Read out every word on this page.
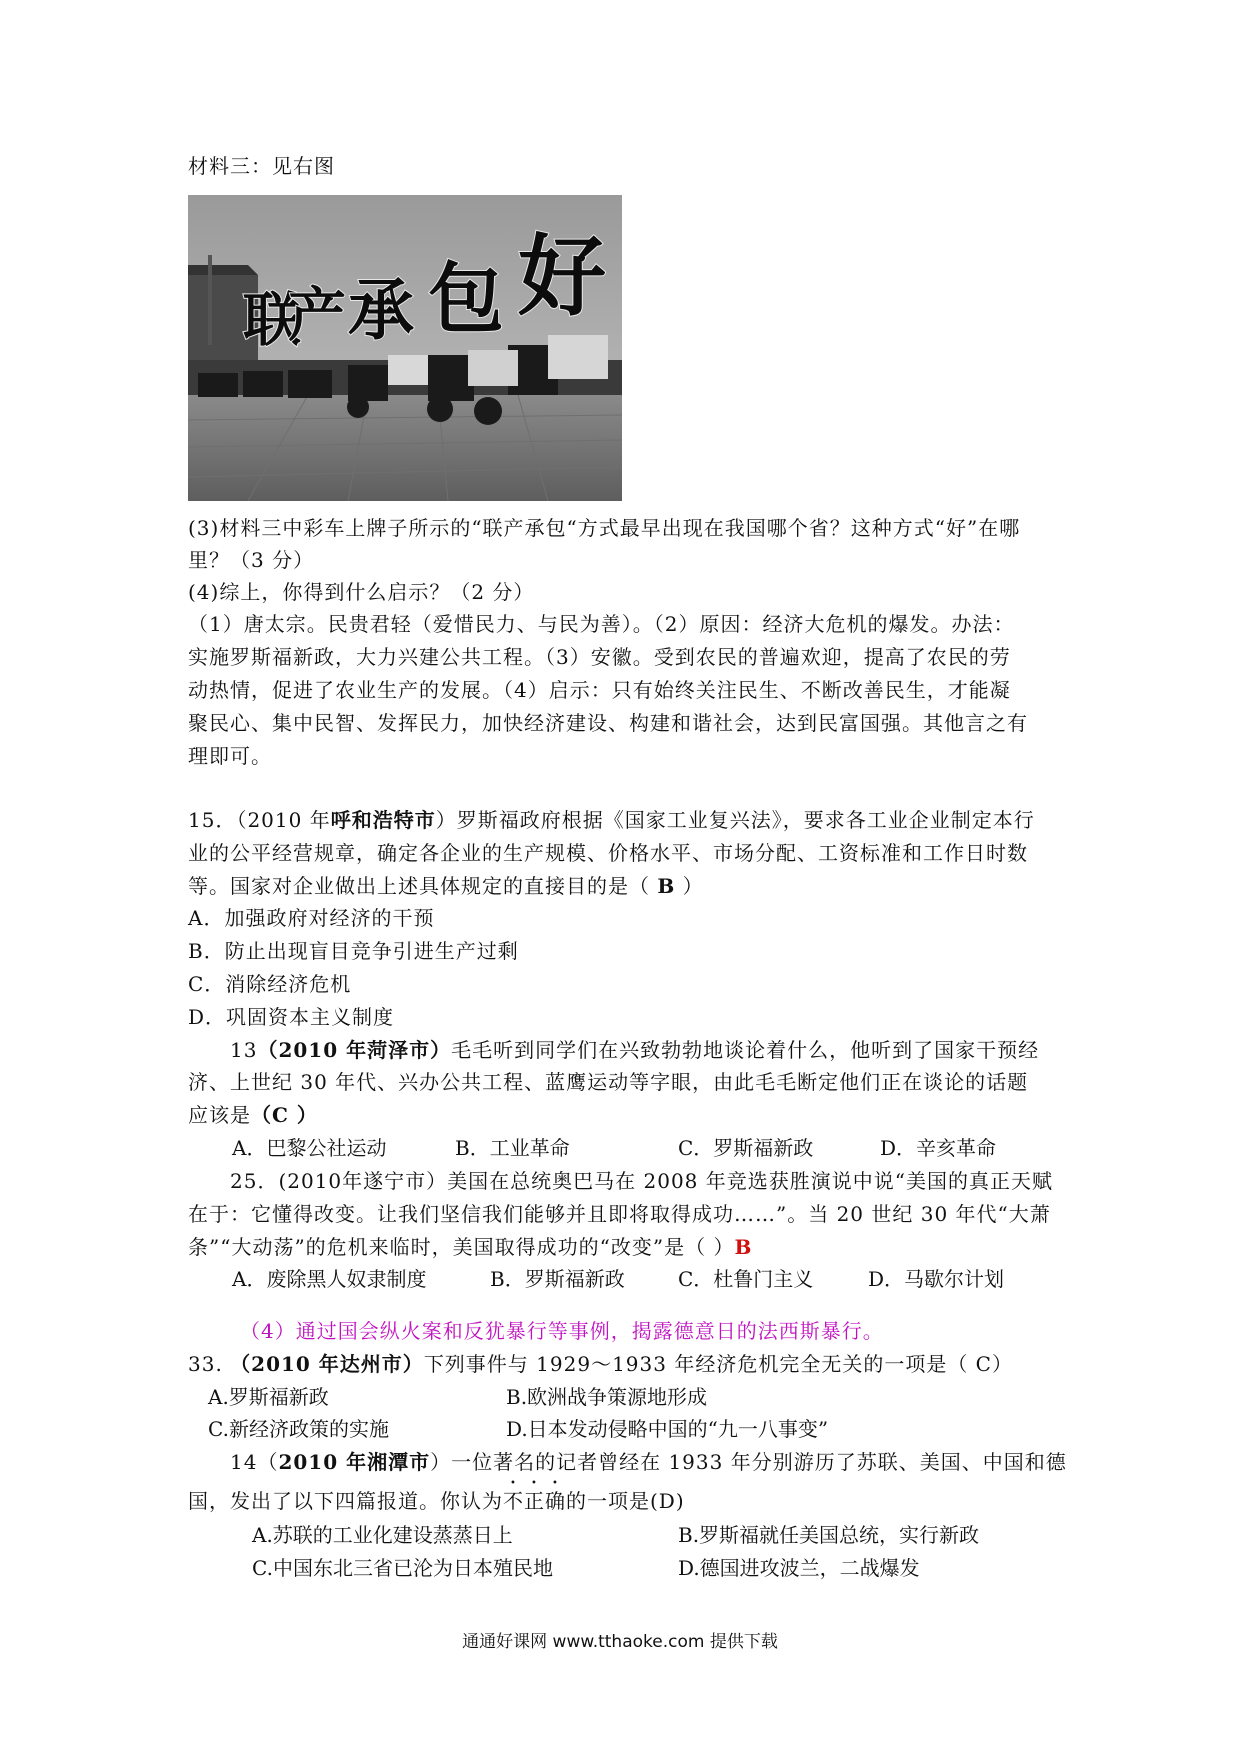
材料三：见右图
联
产 承 包 好
(3)材料三中彩车上牌子所示的“联产承包“方式最早出现在我国哪个省？这种方式“好”在哪
里？（3 分）
(4)综上，你得到什么启示？（2 分）
（1）唐太宗。民贵君轻（爱惜民力、与民为善）。（2）原因：经济大危机的爆发。办法：
实施罗斯福新政，大力兴建公共工程。（3）安徽。受到农民的普遍欢迎，提高了农民的劳
动热情，促进了农业生产的发展。（4）启示：只有始终关注民生、不断改善民生，才能凝
聚民心、集中民智、发挥民力，加快经济建设、构建和谐社会，达到民富国强。其他言之有
理即可。
15．（2010 年呼和浩特市）罗斯福政府根据《国家工业复兴法》，要求各工业企业制定本行
业的公平经营规章，确定各企业的生产规模、价格水平、市场分配、工资标准和工作日时数
等。国家对企业做出上述具体规定的直接目的是（ B ）
A．加强政府对经济的干预
B．防止出现盲目竞争引进生产过剩
C．消除经济危机
D．巩固资本主义制度
13（2010 年菏泽市）毛毛听到同学们在兴致勃勃地谈论着什么，他听到了国家干预经
济、上世纪 30 年代、兴办公共工程、蓝鹰运动等字眼，由此毛毛断定他们正在谈论的话题
应该是（C ）
A．巴黎公社运动	B．工业革命	C．罗斯福新政	D．辛亥革命
25．(2010年遂宁市）美国在总统奥巴马在 2008 年竞选获胜演说中说“美国的真正天赋
在于：它懂得改变。让我们坚信我们能够并且即将取得成功……”。当 20 世纪 30 年代“大萧
条”“大动荡”的危机来临时，美国取得成功的“改变”是（ ）B
A．废除黑人奴隶制度	B．罗斯福新政	C．杜鲁门主义	D．马歇尔计划
（4）通过国会纵火案和反犹暴行等事例，揭露德意日的法西斯暴行。
33. （2010 年达州市）下列事件与 1929～1933 年经济危机完全无关的一项是（ C）
A.罗斯福新政	B.欧洲战争策源地形成
C.新经济政策的实施	D.日本发动侵略中国的“九一八事变”
14（2010 年湘潭市）一位著名的记者曾经在 1933 年分别游历了苏联、美国、中国和德
国，发出了以下四篇报道。你认为不正确的一项是(D)
A.苏联的工业化建设蒸蒸日上	B.罗斯福就任美国总统，实行新政
C.中国东北三省已沦为日本殖民地	D.德国进攻波兰，二战爆发
通通好课网 www.tthaoke.com 提供下载
